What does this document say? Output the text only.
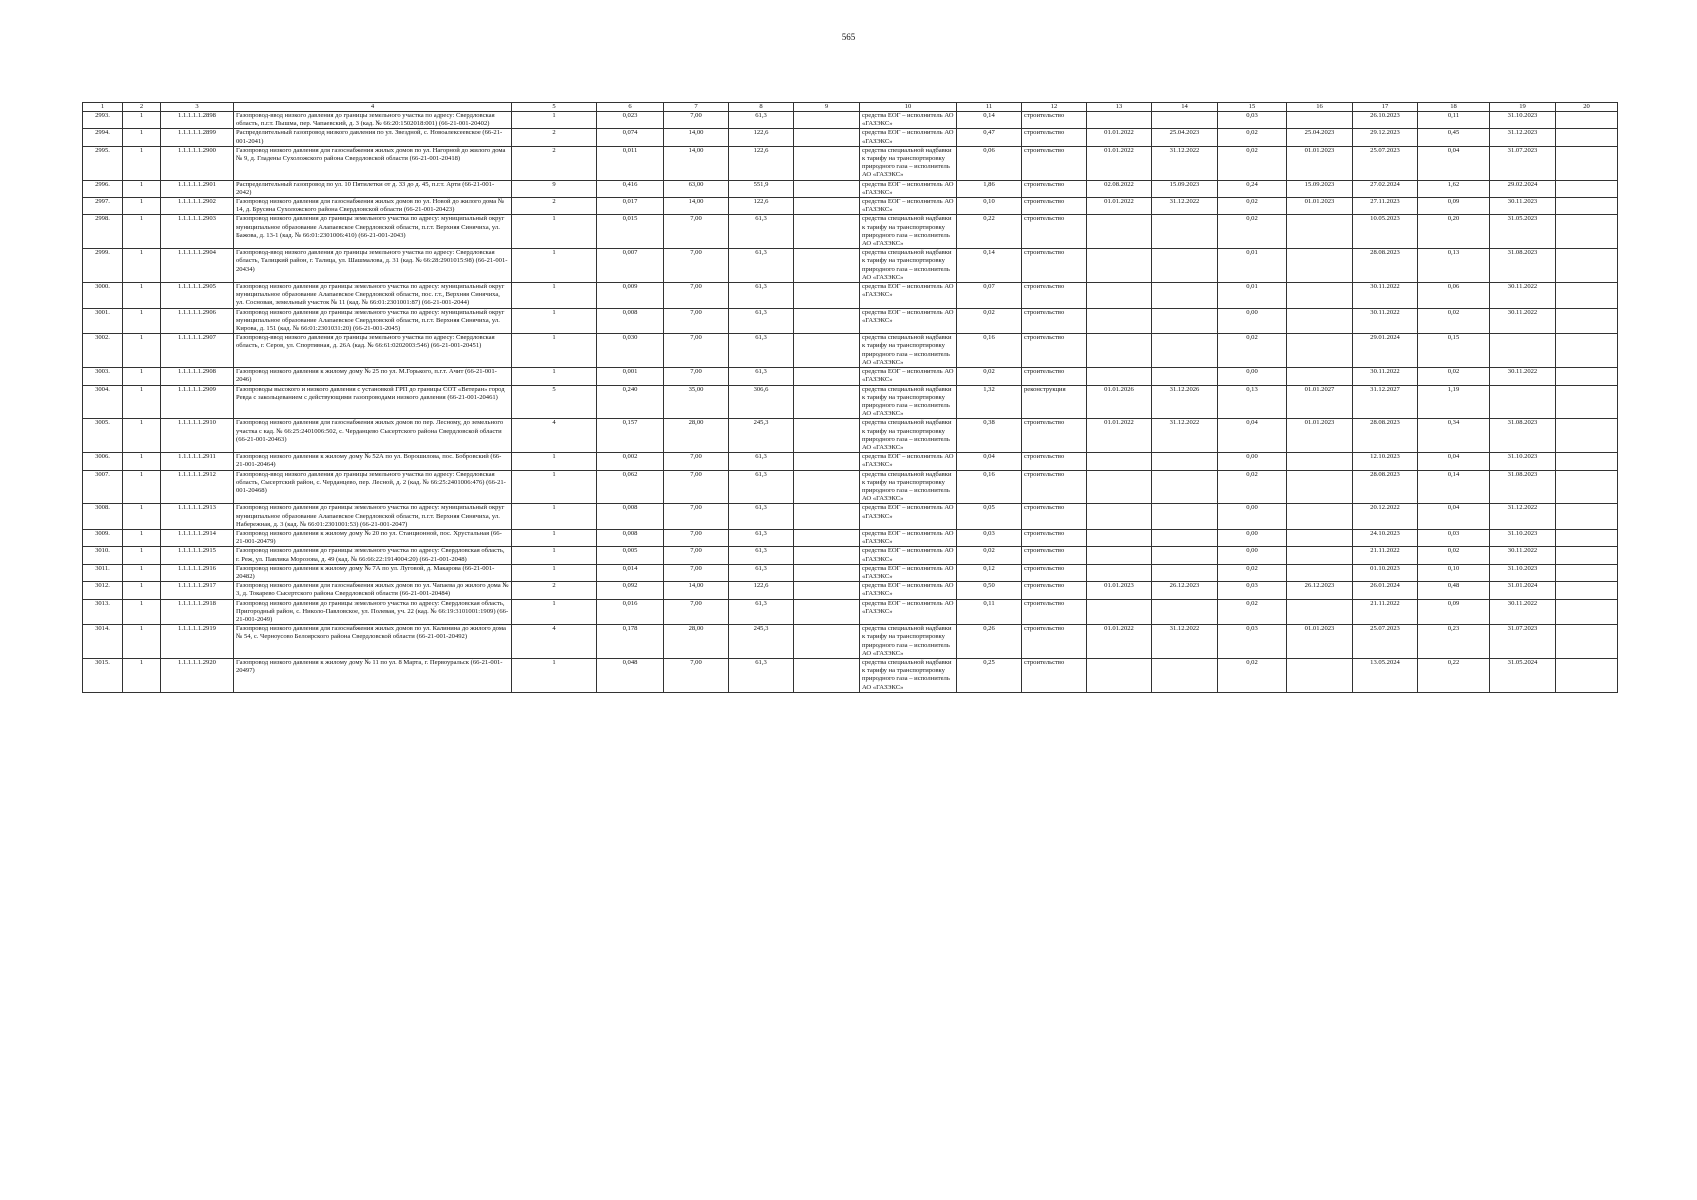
565
1	2	3	4	5	6	7	8	9	10	11	12	13	14	15	16	17	18	19	20
2993.	1	1.1.1.1.1.2898	Газопровод-ввод низкого давления до границы земельного участка по адресу: Свердловская область, п.г.т. Пышма, пер. Чапаевский, д. 3 (кад. № 66:20:1502018:001) (66-21-001-20402)	1	0,023	7,00	61,3		средства ЕОГ – исполнитель АО «ГАЗЭКС»	0,14	строительство			0,03		26.10.2023	0,11	31.10.2023	
2994.	1	1.1.1.1.1.2899	Распределительный газопровод низкого давления по ул. Звездной, с. Новоалексеевское (66-21-001-2041)	2	0,074	14,00	122,6		средства ЕОГ – исполнитель АО «ГАЗЭКС»	0,47	строительство	01.01.2022	25.04.2023	0,02	25.04.2023	29.12.2023	0,45	31.12.2023	
2995.	1	1.1.1.1.1.2900	Газопровод низкого давления для газоснабжения жилых домов по ул. Нагорной до жилого дома № 9, д. Гладены Сухоложского района Свердловской области (66-21-001-20418)	2	0,011	14,00	122,6		средства специальной надбавки к тарифу на транспортировку природного газа – исполнитель АО «ГАЗЭКС»	0,06	строительство	01.01.2022	31.12.2022	0,02	01.01.2023	25.07.2023	0,04	31.07.2023	
2996.	1	1.1.1.1.1.2901	Распределительный газопровод по ул. 10 Пятилетки от д. 33 до д. 45, п.г.т. Арти (66-21-001-2042)	9	0,416	63,00	551,9		средства ЕОГ – исполнитель АО «ГАЗЭКС»	1,86	строительство	02.08.2022	15.09.2023	0,24	15.09.2023	27.02.2024	1,62	29.02.2024	
2997.	1	1.1.1.1.1.2902	Газопровод низкого давления для газоснабжения жилых домов по ул. Новой до жилого дома № 14, д. Брусяна Сухоложского района Свердловской области (66-21-001-20423)	2	0,017	14,00	122,6		средства ЕОГ – исполнитель АО «ГАЗЭКС»	0,10	строительство	01.01.2022	31.12.2022	0,02	01.01.2023	27.11.2023	0,09	30.11.2023	
2998.	1	1.1.1.1.1.2903	Газопровод низкого давления до границы земельного участка по адресу: муниципальный округ муниципальное образование Алапаевское Свердловской области, п.г.т. Верхняя Синячиха, ул. Бажова, д. 13-1 (кад. № 66:01:2301006:410) (66-21-001-2043)	1	0,015	7,00	61,3		средства специальной надбавки к тарифу на транспортировку природного газа – исполнитель АО «ГАЗЭКС»	0,22	строительство			0,02		10.05.2023	0,20	31.05.2023	
2999.	1	1.1.1.1.1.2904	Газопровод-ввод низкого давления до границы земельного участка по адресу: Свердловская область, Талицкий район, г. Талица, ул. Шашмалова, д. 31 (кад. № 66:28:2901015:98) (66-21-001-20434)	1	0,007	7,00	61,3		средства специальной надбавки к тарифу на транспортировку природного газа – исполнитель АО «ГАЗЭКС»	0,14	строительство			0,01		28.08.2023	0,13	31.08.2023	
3000.	1	1.1.1.1.1.2905	Газопровод низкого давления до границы земельного участка по адресу: муниципальный округ муниципальное образование Алапаевское Свердловской области, пос. г.т., Верхняя Синячиха, ул. Сосновая, земельный участок № 11 (кад. № 66:01:2301001:87) (66-21-001-2044)	1	0,009	7,00	61,3		средства ЕОГ – исполнитель АО «ГАЗЭКС»	0,07	строительство			0,01		30.11.2022	0,06	30.11.2022	
3001.	1	1.1.1.1.1.2906	Газопровод низкого давления до границы земельного участка по адресу: муниципальный округ муниципальное образование Алапаевское Свердловской области, п.г.т. Верхняя Синячиха, ул. Кирова, д. 151 (кад. № 66:01:2301031:20) (66-21-001-2045)	1	0,008	7,00	61,3		средства ЕОГ – исполнитель АО «ГАЗЭКС»	0,02	строительство			0,00		30.11.2022	0,02	30.11.2022	
3002.	1	1.1.1.1.1.2907	Газопровод-ввод низкого давления до границы земельного участка по адресу: Свердловская область, г. Серов, ул. Спортивная, д. 26А (кад. № 66:61:0202003:546) (66-21-001-20451)	1	0,030	7,00	61,3		средства специальной надбавки к тарифу на транспортировку природного газа – исполнитель АО «ГАЗЭКС»	0,16	строительство			0,02		29.01.2024	0,15		
3003.	1	1.1.1.1.1.2908	Газопровод низкого давления к жилому дому № 25 по ул. М.Горького, п.г.т. Ачит (66-21-001-2046)	1	0,001	7,00	61,3		средства ЕОГ – исполнитель АО «ГАЗЭКС»	0,02	строительство			0,00		30.11.2022	0,02	30.11.2022	
3004.	1	1.1.1.1.1.2909	Газопроводы высокого и низкого давления с установкой ГРП до границы СОТ «Ветеран» город Ревда с закольцеванием с действующими газопроводами низкого давления (66-21-001-20461)	5	0,240	35,00	306,6		средства специальной надбавки к тарифу на транспортировку природного газа – исполнитель АО «ГАЗЭКС»	1,32	реконструкция	01.01.2026	31.12.2026	0,13	01.01.2027	31.12.2027	1,19		
3005.	1	1.1.1.1.1.2910	Газопровод низкого давления для газоснабжения жилых домов по пер. Лесному, до земельного участка с кад. № 66:25:2401006:502, с. Черданцево Сысертского района Свердловской области (66-21-001-20463)	4	0,157	28,00	245,3		средства специальной надбавки к тарифу на транспортировку природного газа – исполнитель АО «ГАЗЭКС»	0,38	строительство	01.01.2022	31.12.2022	0,04	01.01.2023	28.08.2023	0,34	31.08.2023	
3006.	1	1.1.1.1.1.2911	Газопровод низкого давления к жилому дому № 52А по ул. Ворошилова, пос. Бобровский (66-21-001-20464)	1	0,002	7,00	61,3		средства ЕОГ – исполнитель АО «ГАЗЭКС»	0,04	строительство			0,00		12.10.2023	0,04	31.10.2023	
3007.	1	1.1.1.1.1.2912	Газопровод-ввод низкого давления до границы земельного участка по адресу: Свердловская область, Сысертский район, с. Черданцево, пер. Лесной, д. 2 (кад. № 66:25:2401006:476) (66-21-001-20468)	1	0,062	7,00	61,3		средства специальной надбавки к тарифу на транспортировку природного газа – исполнитель АО «ГАЗЭКС»	0,16	строительство			0,02		28.08.2023	0,14	31.08.2023	
3008.	1	1.1.1.1.1.2913	Газопровод низкого давления до границы земельного участка по адресу: муниципальный округ муниципальное образование Алапаевское Свердловской области, п.г.т. Верхняя Синячиха, ул. Набережная, д. 3 (кад. № 66:01:2301001:53) (66-21-001-2047)	1	0,008	7,00	61,3		средства ЕОГ – исполнитель АО «ГАЗЭКС»	0,05	строительство			0,00		20.12.2022	0,04	31.12.2022	
3009.	1	1.1.1.1.1.2914	Газопровод низкого давления к жилому дому № 20 по ул. Станционной, пос. Хрустальная (66-21-001-20479)	1	0,008	7,00	61,3		средства ЕОГ – исполнитель АО «ГАЗЭКС»	0,03	строительство			0,00		24.10.2023	0,03	31.10.2023	
3010.	1	1.1.1.1.1.2915	Газопровод низкого давления до границы земельного участка по адресу: Свердловская область, г. Реж, ул. Павлика Морозова, д. 49 (кад. № 66:66:22:1914004:20) (66-21-001-2048)	1	0,005	7,00	61,3		средства ЕОГ – исполнитель АО «ГАЗЭКС»	0,02	строительство			0,00		21.11.2022	0,02	30.11.2022	
3011.	1	1.1.1.1.1.2916	Газопровод низкого давления к жилому дому № 7А по ул. Луговой, д. Макарова (66-21-001-20482)	1	0,014	7,00	61,3		средства ЕОГ – исполнитель АО «ГАЗЭКС»	0,12	строительство			0,02		01.10.2023	0,10	31.10.2023	
3012.	1	1.1.1.1.1.2917	Газопровод низкого давления для газоснабжения жилых домов по ул. Чапаева до жилого дома № 3, д. Токарево Сысертского района Свердловской области (66-21-001-20484)	2	0,092	14,00	122,6		средства ЕОГ – исполнитель АО «ГАЗЭКС»	0,50	строительство	01.01.2023	26.12.2023	0,03	26.12.2023	26.01.2024	0,48	31.01.2024	
3013.	1	1.1.1.1.1.2918	Газопровод низкого давления до границы земельного участка по адресу: Свердловская область, Пригородный район, с. Николо-Павловское, ул. Полевая, уч. 22 (кад. № 66:19:3101001:1909) (66-21-001-2049)	1	0,016	7,00	61,3		средства ЕОГ – исполнитель АО «ГАЗЭКС»	0,11	строительство			0,02		21.11.2022	0,09	30.11.2022	
3014.	1	1.1.1.1.1.2919	Газопровод низкого давления для газоснабжения жилых домов по ул. Калинина до жилого дома № 54, с. Черноусово Белоярского района Свердловской области (66-21-001-20492)	4	0,178	28,00	245,3		средства специальной надбавки к тарифу на транспортировку природного газа – исполнитель АО «ГАЗЭКС»	0,26	строительство	01.01.2022	31.12.2022	0,03	01.01.2023	25.07.2023	0,23	31.07.2023	
3015.	1	1.1.1.1.1.2920	Газопровод низкого давления к жилому дому № 11 по ул. 8 Марта, г. Первоуральск (66-21-001-20497)	1	0,048	7,00	61,3		средства специальной надбавки к тарифу на транспортировку природного газа – исполнитель АО «ГАЗЭКС»	0,25	строительство			0,02		13.05.2024	0,22	31.05.2024	
